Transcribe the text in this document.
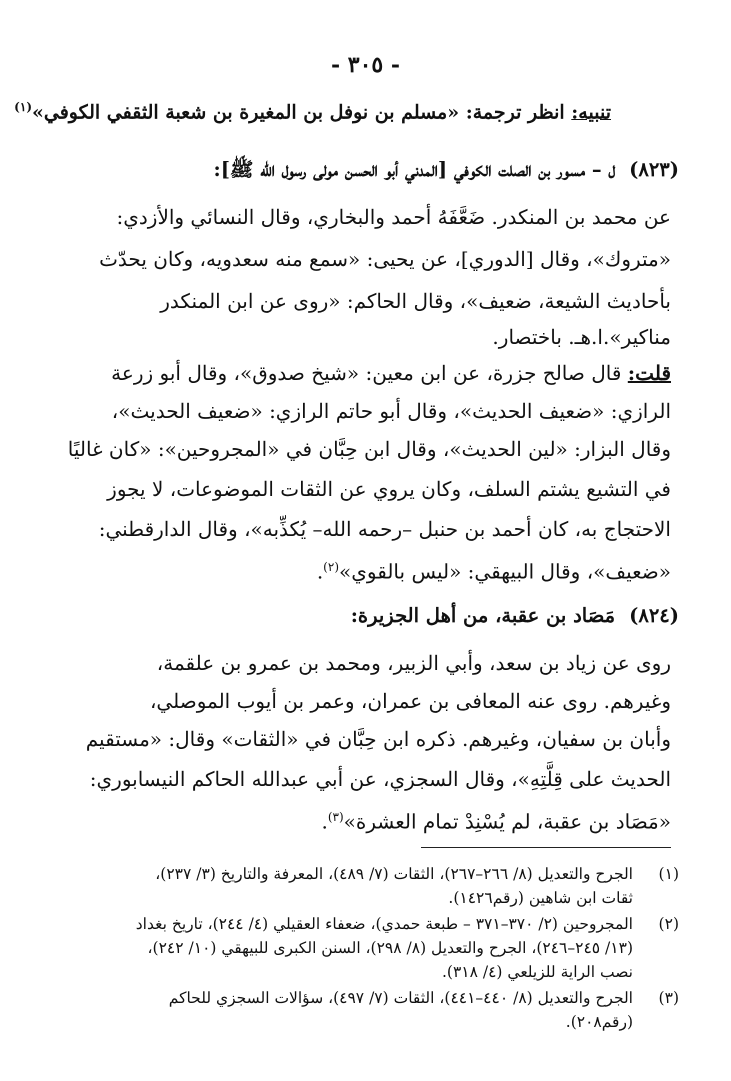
- ٣٠٥ -
تنبيه: انظر ترجمة: «مسلم بن نوفل بن المغيرة بن شعبة الثقفي الكوفي»$^{(١)}$
(٨٢٣)ل – مسور بن الصلت الكوفي [المدني أبو الحسن مولى رسول الله ﷺ]:
عن محمد بن المنكدر. ضَعَّفَهُ أحمد والبخاري، وقال النسائي والأزدي:
«متروك»، وقال [الدوري]، عن يحيى: «سمع منه سعدويه، وكان يحدّث
بأحاديث الشيعة، ضعيف»، وقال الحاكم: «روى عن ابن المنكدر
مناكير».ا.هـ. باختصار.
قلت: قال صالح جزرة، عن ابن معين: «شيخ صدوق»، وقال أبو زرعة
الرازي: «ضعيف الحديث»، وقال أبو حاتم الرازي: «ضعيف الحديث»،
وقال البزار: «لين الحديث»، وقال ابن حِبَّان في «المجروحين»: «كان غاليًا
في التشيع يشتم السلف، وكان يروي عن الثقات الموضوعات، لا يجوز
الاحتجاج به، كان أحمد بن حنبل –رحمه الله– يُكذِّبه»، وقال الدارقطني:
«ضعيف»، وقال البيهقي: «ليس بالقوي»$^{(٢)}$.
(٨٢٤)مَصَاد بن عقبة، من أهل الجزيرة:
روى عن زياد بن سعد، وأبي الزبير، ومحمد بن عمرو بن علقمة،
وغيرهم. روى عنه المعافى بن عمران، وعمر بن أيوب الموصلي،
وأبان بن سفيان، وغيرهم. ذكره ابن حِبَّان في «الثقات» وقال: «مستقيم
الحديث على قِلَّتِهِ»، وقال السجزي، عن أبي عبدالله الحاكم النيسابوري:
«مَصَاد بن عقبة، لم يُسْنِدْ تمام العشرة»$^{(٣)}$.
(١)
الجرح والتعديل (٨/ ٢٦٦–٢٦٧)، الثقات (٧/ ٤٨٩)، المعرفة والتاريخ (٣/ ٢٣٧)،
ثقات ابن شاهين (رقم١٤٢٦).
(٢)
المجروحين (٢/ ٣٧٠–٣٧١ – طبعة حمدي)، ضعفاء العقيلي (٤/ ٢٤٤)، تاريخ بغداد
(١٣/ ٢٤٥–٢٤٦)، الجرح والتعديل (٨/ ٢٩٨)، السنن الكبرى للبيهقي (١٠/ ٢٤٢)،
نصب الراية للزيلعي (٤/ ٣١٨).
(٣)
الجرح والتعديل (٨/ ٤٤٠–٤٤١)، الثقات (٧/ ٤٩٧)، سؤالات السجزي للحاكم
(رقم٢٠٨).
